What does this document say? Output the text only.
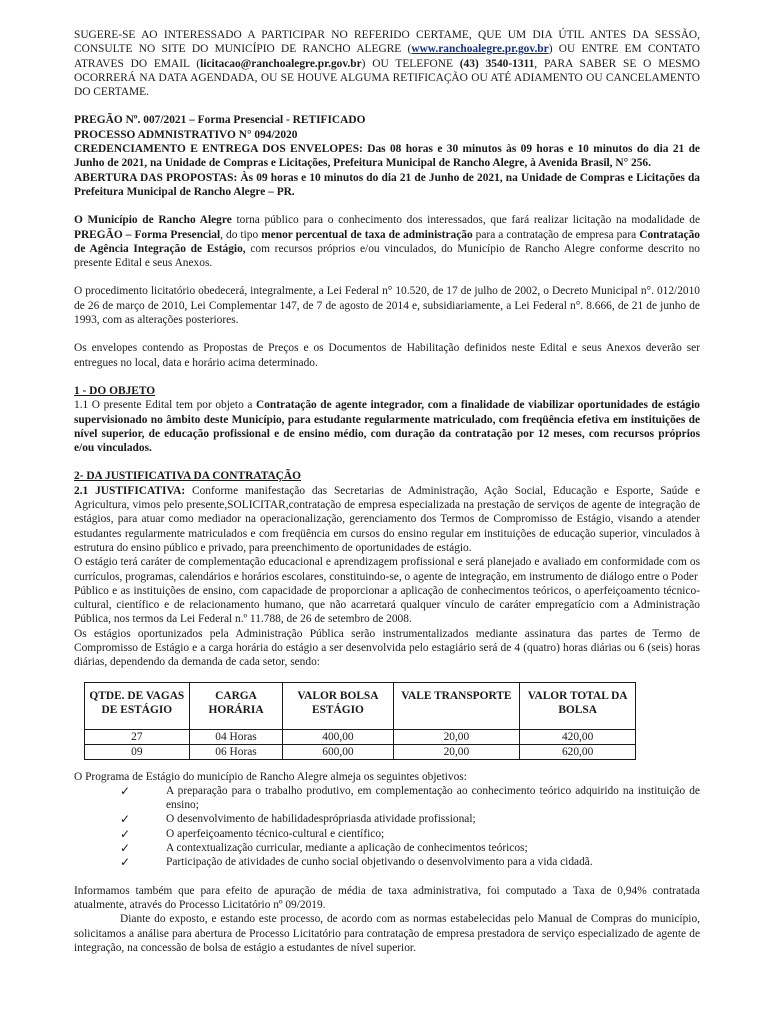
SUGERE-SE AO INTERESSADO A PARTICIPAR NO REFERIDO CERTAME, QUE UM DIA ÚTIL ANTES DA SESSÃO, CONSULTE NO SITE DO MUNICÍPIO DE RANCHO ALEGRE (www.ranchoalegre.pr.gov.br) OU ENTRE EM CONTATO ATRAVES DO EMAIL (licitacao@ranchoalegre.pr.gov.br) OU TELEFONE (43) 3540-1311, PARA SABER SE O MESMO OCORRERÁ NA DATA AGENDADA, OU SE HOUVE ALGUMA RETIFICAÇÃO OU ATÉ ADIAMENTO OU CANCELAMENTO DO CERTAME.

PREGÃO Nº. 007/2021 – Forma Presencial - RETIFICADO

PROCESSO ADMNISTRATIVO N° 094/2020

CREDENCIAMENTO E ENTREGA DOS ENVELOPES: Das 08 horas e 30 minutos às 09 horas e 10 minutos do dia 21 de Junho de 2021, na Unidade de Compras e Licitações, Prefeitura Municipal de Rancho Alegre, à Avenida Brasil, N° 256.

ABERTURA DAS PROPOSTAS: Às 09 horas e 10 minutos do dia 21 de Junho de 2021, na Unidade de Compras e Licitações da Prefeitura Municipal de Rancho Alegre – PR.

O Município de Rancho Alegre torna público para o conhecimento dos interessados, que fará realizar licitação na modalidade de PREGÃO – Forma Presencial, do tipo menor percentual de taxa de administração para a contratação de empresa para Contratação de Agência Integração de Estágio, com recursos próprios e/ou vinculados, do Município de Rancho Alegre conforme descrito no presente Edital e seus Anexos.

O procedimento licitatório obedecerá, integralmente, a Lei Federal n° 10.520, de 17 de julho de 2002, o Decreto Municipal n°. 012/2010 de 26 de março de 2010, Lei Complementar 147, de 7 de agosto de 2014 e, subsidiariamente, a Lei Federal n°. 8.666, de 21 de junho de 1993, com as alterações posteriores.

Os envelopes contendo as Propostas de Preços e os Documentos de Habilitação definidos neste Edital e seus Anexos deverão ser entregues no local, data e horário acima determinado.

1 - DO OBJETO

1.1 O presente Edital tem por objeto a Contratação de agente integrador, com a finalidade de viabilizar oportunidades de estágio supervisionado no âmbito deste Município, para estudante regularmente matriculado, com freqüência efetiva em instituições de nível superior, de educação profissional e de ensino médio, com duração da contratação por 12 meses, com recursos próprios e/ou vinculados.

2- DA JUSTIFICATIVA DA CONTRATAÇÃO

2.1 JUSTIFICATIVA: Conforme manifestação das Secretarias de Administração, Ação Social, Educação e Esporte, Saúde e Agricultura, vimos pelo presente,SOLICITAR,contratação de empresa especializada na prestação de serviços de agente de integração de estágios, para atuar como mediador na operacionalização, gerenciamento dos Termos de Compromisso de Estágio, visando a atender estudantes regularmente matriculados e com freqüência em cursos do ensino regular em instituições de educação superior, vinculados à estrutura do ensino público e privado, para preenchimento de oportunidades de estágio.

O estágio terá caráter de complementação educacional e aprendizagem profissional e será planejado e avaliado em conformidade com os currículos, programas, calendários e horários escolares, constituindo-se, o agente de integração, em instrumento de diálogo entre o Poder

Público e as instituições de ensino, com capacidade de proporcionar a aplicação de conhecimentos teóricos, o aperfeiçoamento técnico-cultural, científico e de relacionamento humano, que não acarretará qualquer vínculo de caráter empregatício com a Administração Pública, nos termos da Lei Federal n.º 11.788, de 26 de setembro de 2008.

Os estágios oportunizados pela Administração Pública serão instrumentalizados mediante assinatura das partes de Termo de Compromisso de Estágio e a carga horária do estágio a ser desenvolvida pelo estagiário será de 4 (quatro) horas diárias ou 6 (seis) horas diárias, dependendo da demanda de cada setor, sendo:

QTDE. DE VAGAS DE ESTÁGIO	CARGA HORÁRIA	VALOR BOLSA ESTÁGIO	VALE TRANSPORTE	VALOR TOTAL DA BOLSA
27	04 Horas	400,00	20,00	420,00
09	06 Horas	600,00	20,00	620,00

O Programa de Estágio do município de Rancho Alegre almeja os seguintes objetivos:

✓	A preparação para o trabalho produtivo, em complementação ao conhecimento teórico adquirido na instituição de ensino;
✓	O desenvolvimento de habilidadesprópriasda atividade profissional;
✓	O aperfeiçoamento técnico-cultural e científico;
✓	A contextualização curricular, mediante a aplicação de conhecimentos teóricos;
✓	Participação de atividades de cunho social objetivando o desenvolvimento para a vida cidadã.

Informamos também que para efeito de apuração de média de taxa administrativa, foi computado a Taxa de 0,94% contratada atualmente, através do Processo Licitatório nº 09/2019.

Diante do exposto, e estando este processo, de acordo com as normas estabelecidas pelo Manual de Compras do município, solicitamos a análise para abertura de Processo Licitatório para contratação de empresa prestadora de serviço especializado de agente de integração, na concessão de bolsa de estágio a estudantes de nível superior.
